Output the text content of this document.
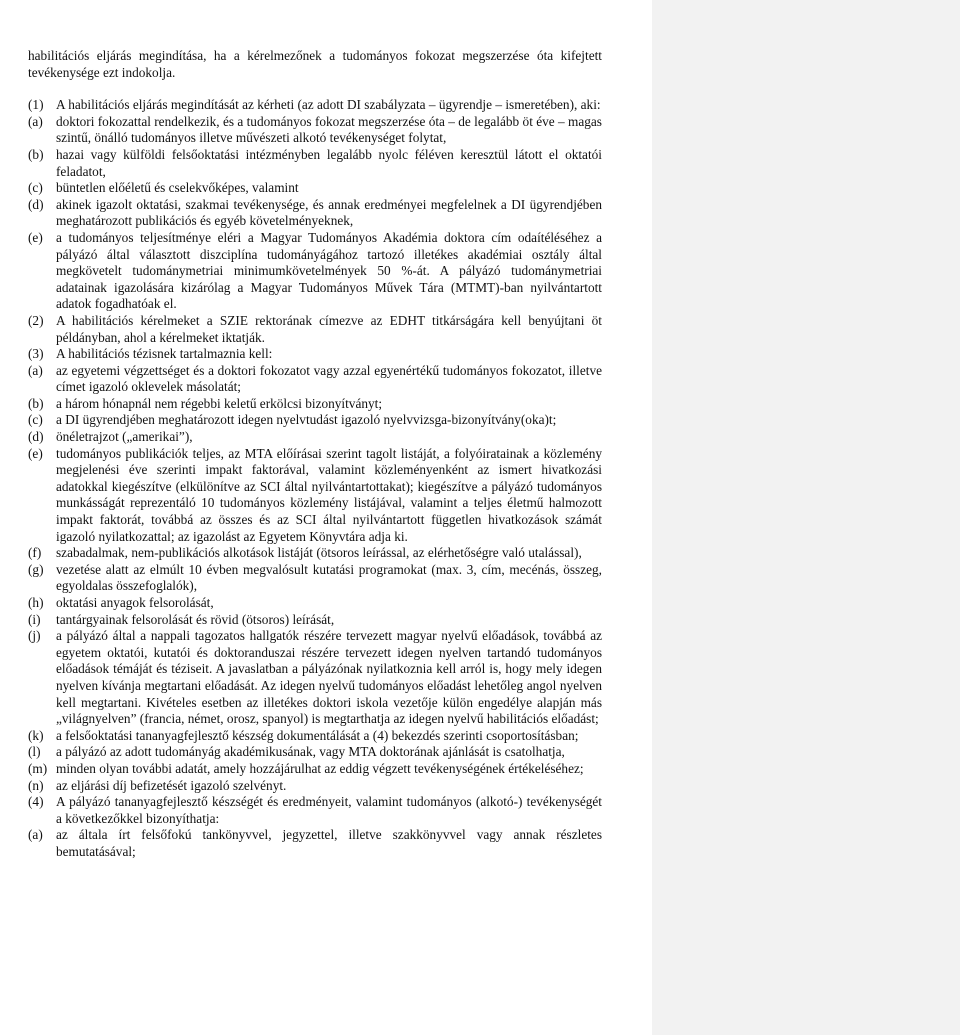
habilitációs eljárás megindítása, ha a kérelmezőnek a tudományos fokozat megszerzése óta kifejtett tevékenysége ezt indokolja.

(1) A habilitációs eljárás megindítását az kérheti (az adott DI szabályzata – ügyrendje – ismeretében), aki:

(a) doktori fokozattal rendelkezik, és a tudományos fokozat megszerzése óta – de legalább öt éve – magas szintű, önálló tudományos illetve művészeti alkotó tevékenységet folytat,

(b) hazai vagy külföldi felsőoktatási intézményben legalább nyolc féléven keresztül látott el oktatói feladatot,

(c) büntetlen előéletű és cselekvőképes, valamint

(d) akinek igazolt oktatási, szakmai tevékenysége, és annak eredményei megfelelnek a DI ügyrendjében meghatározott publikációs és egyéb követelményeknek,

(e) a tudományos teljesítménye eléri a Magyar Tudományos Akadémia doktora cím odaítéléséhez a pályázó által választott diszciplína tudományágához tartozó illetékes akadémiai osztály által megkövetelt tudománymetriai minimumkövetelmények 50 %-át. A pályázó tudománymetriai adatainak igazolására kizárólag a Magyar Tudományos Művek Tára (MTMT)-ban nyilvántartott adatok fogadhatóak el.

(2) A habilitációs kérelmeket a SZIE rektorának címezve az EDHT titkárságára kell benyújtani öt példányban, ahol a kérelmeket iktatják.

(3) A habilitációs tézisnek tartalmaznia kell:

(a) az egyetemi végzettséget és a doktori fokozatot vagy azzal egyenértékű tudományos fokozatot, illetve címet igazoló oklevelek másolatát;

(b) a három hónapnál nem régebbi keletű erkölcsi bizonyítványt;

(c) a DI ügyrendjében meghatározott idegen nyelvtudást igazoló nyelvvizsga-bizonyítvány(oka)t;

(d) önéletrajzot („amerikai”),

(e) tudományos publikációk teljes, az MTA előírásai szerint tagolt listáját, a folyóiratainak a közlemény megjelenési éve szerinti impakt faktorával, valamint közleményenként az ismert hivatkozási adatokkal kiegészítve (elkülönítve az SCI által nyilvántartottakat); kiegészítve a pályázó tudományos munkásságát reprezentáló 10 tudományos közlemény listájával, valamint a teljes életmű halmozott impakt faktorát, továbbá az összes és az SCI által nyilvántartott független hivatkozások számát igazoló nyilatkozattal; az igazolást az Egyetem Könyvtára adja ki.

(f) szabadalmak, nem-publikációs alkotások listáját (ötsoros leírással, az elérhetőségre való utalással),

(g) vezetése alatt az elmúlt 10 évben megvalósult kutatási programokat (max. 3, cím, mecénás, összeg, egyoldalas összefoglalók),

(h) oktatási anyagok felsorolását,

(i) tantárgyainak felsorolását és rövid (ötsoros) leírását,

(j) a pályázó által a nappali tagozatos hallgatók részére tervezett magyar nyelvű előadások, továbbá az egyetem oktatói, kutatói és doktoranduszai részére tervezett idegen nyelven tartandó tudományos előadások témáját és téziseit. A javaslatban a pályázónak nyilatkoznia kell arról is, hogy mely idegen nyelven kívánja megtartani előadását. Az idegen nyelvű tudományos előadást lehetőleg angol nyelven kell megtartani. Kivételes esetben az illetékes doktori iskola vezetője külön engedélye alapján más „világnyelven” (francia, német, orosz, spanyol) is megtarthatja az idegen nyelvű habilitációs előadást;

(k) a felsőoktatási tananyagfejlesztő készség dokumentálását a (4) bekezdés szerinti csoportosításban;

(l) a pályázó az adott tudományág akadémikusának, vagy MTA doktorának ajánlását is csatolhatja,

(m) minden olyan további adatát, amely hozzájárulhat az eddig végzett tevékenységének értékeléséhez;

(n) az eljárási díj befizetését igazoló szelvényt.

(4) A pályázó tananyagfejlesztő készségét és eredményeit, valamint tudományos (alkotó-) tevékenységét a következőkkel bizonyíthatja:

(a) az általa írt felsőfokú tankönyvvel, jegyzettel, illetve szakkönyvvel vagy annak részletes bemutatásával;
